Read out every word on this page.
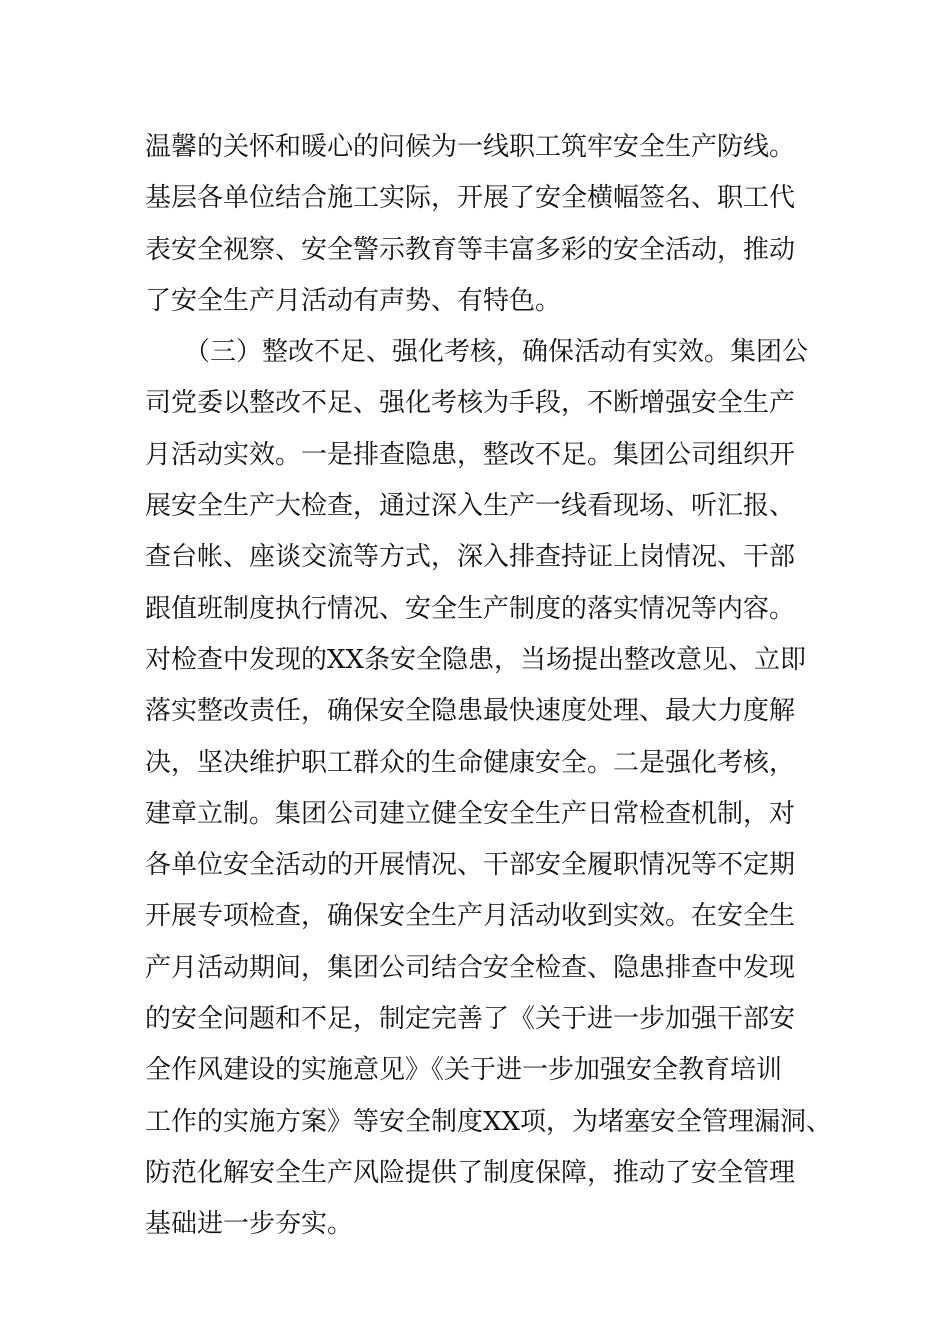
温馨的关怀和暖心的问候为一线职工筑牢安全生产防线。
基层各单位结合施工实际，开展了安全横幅签名、职工代
表安全视察、安全警示教育等丰富多彩的安全活动，推动
了安全生产月活动有声势、有特色。
　　（三）整改不足、强化考核，确保活动有实效。集团公
司党委以整改不足、强化考核为手段，不断增强安全生产
月活动实效。一是排查隐患，整改不足。集团公司组织开
展安全生产大检查，通过深入生产一线看现场、听汇报、
查台帐、座谈交流等方式，深入排查持证上岗情况、干部
跟值班制度执行情况、安全生产制度的落实情况等内容。
对检查中发现的XX条安全隐患，当场提出整改意见、立即
落实整改责任，确保安全隐患最快速度处理、最大力度解
决，坚决维护职工群众的生命健康安全。二是强化考核，
建章立制。集团公司建立健全安全生产日常检查机制，对
各单位安全活动的开展情况、干部安全履职情况等不定期
开展专项检查，确保安全生产月活动收到实效。在安全生
产月活动期间，集团公司结合安全检查、隐患排查中发现
的安全问题和不足，制定完善了《关于进一步加强干部安
全作风建设的实施意见》《关于进一步加强安全教育培训
工作的实施方案》等安全制度XX项，为堵塞安全管理漏洞、
防范化解安全生产风险提供了制度保障，推动了安全管理
基础进一步夯实。
